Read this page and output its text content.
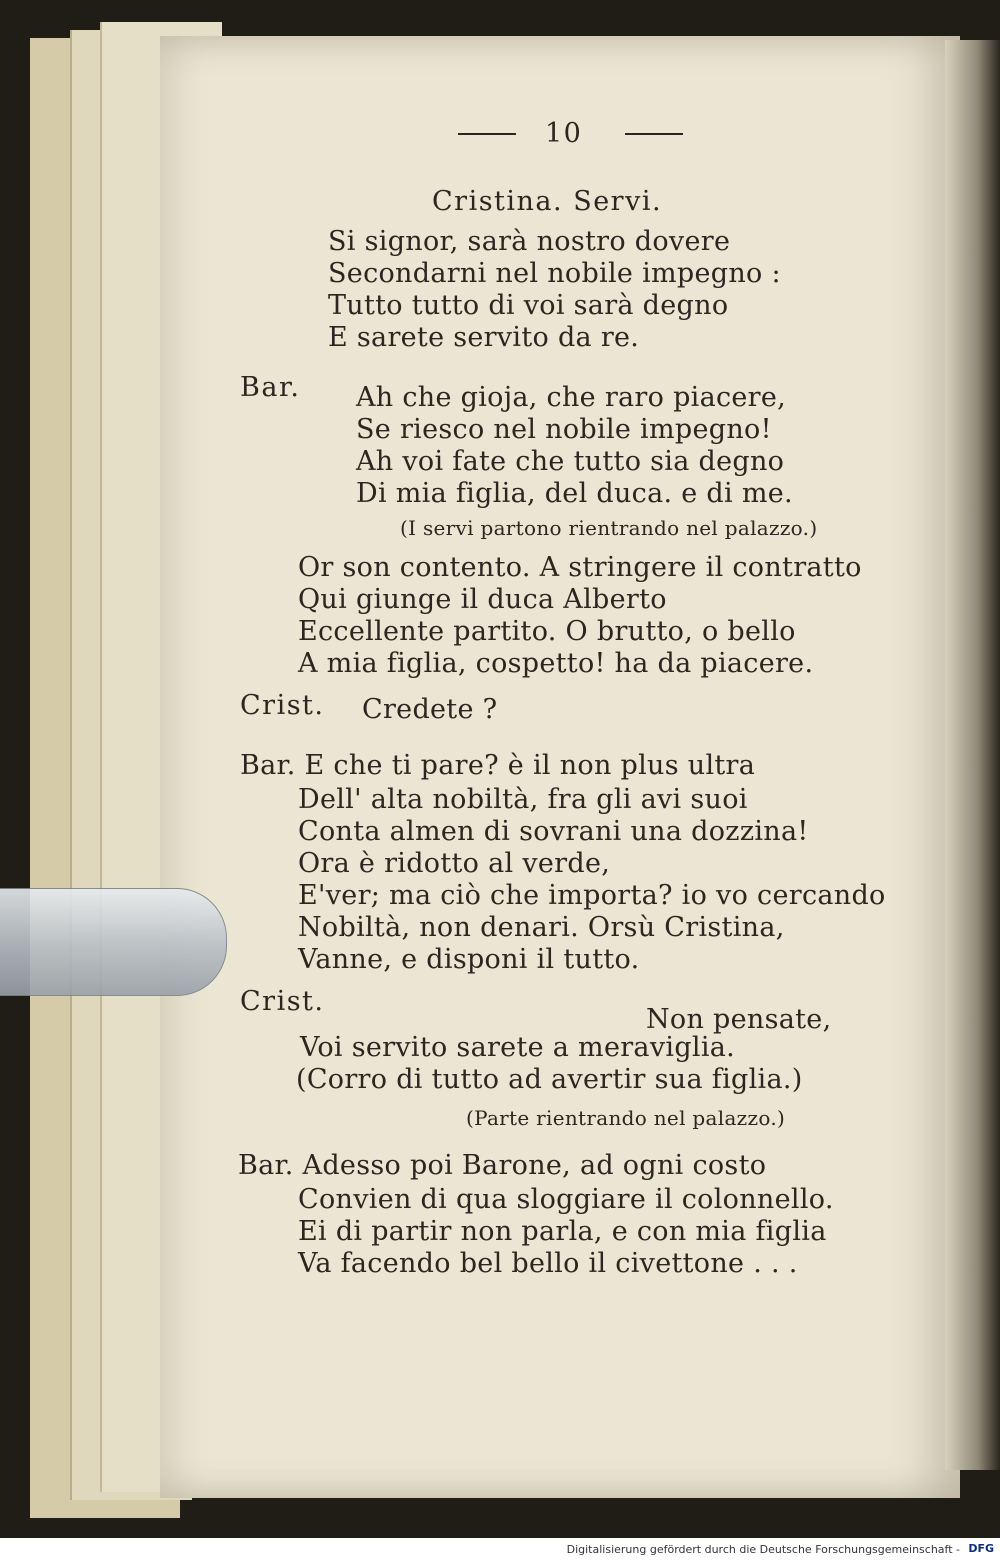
10
Cristina. Servi.
Si signor, sarà nostro dovere
Secondarni nel nobile impegno :
Tutto tutto di voi sarà degno
E sarete servito da re.
Bar. Ah che gioja, che raro piacere,
Se riesco nel nobile impegno!
Ah voi fate che tutto sia degno
Di mia figlia, del duca. e di me.
(I servi partono rientrando nel palazzo.)
Or son contento. A stringere il contratto
Qui giunge il duca Alberto
Eccellente partito. O brutto, o bello
A mia figlia, cospetto! ha da piacere.
Crist. Credete ?
Bar. E che ti pare? è il non plus ultra
Dell' alta nobiltà, fra gli avi suoi
Conta almen di sovrani una dozzina!
Ora è ridotto al verde,
E'ver; ma ciò che importa? io vo cercando
Nobiltà, non denari. Orsù Cristina,
Vanne, e disponi il tutto.
Crist.
Non pensate,
Voi servito sarete a meraviglia.
(Corro di tutto ad avertir sua figlia.)
(Parte rientrando nel palazzo.)
Bar. Adesso poi Barone, ad ogni costo
Convien di qua sloggiare il colonnello.
Ei di partir non parla, e con mia figlia
Va facendo bel bello il civettone . . .
Digitalisierung gefördert durch die Deutsche Forschungsgemeinschaft - DFG
